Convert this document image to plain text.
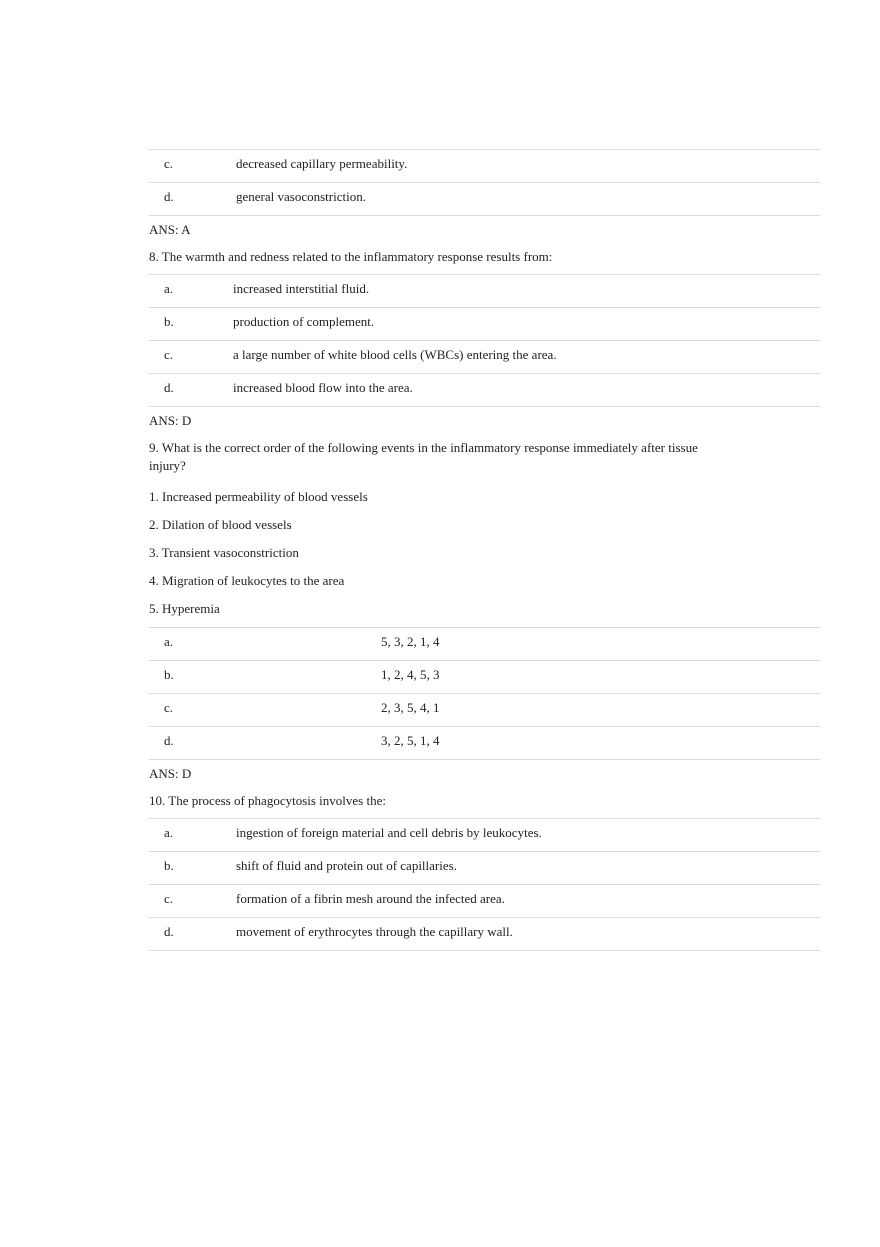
c.	decreased capillary permeability.
d.	general vasoconstriction.
ANS: A
8. The warmth and redness related to the inflammatory response results from:
a.	increased interstitial fluid.
b.	production of complement.
c.	a large number of white blood cells (WBCs) entering the area.
d.	increased blood flow into the area.
ANS: D
9. What is the correct order of the following events in the inflammatory response immediately after tissue injury?
1. Increased permeability of blood vessels
2. Dilation of blood vessels
3. Transient vasoconstriction
4. Migration of leukocytes to the area
5. Hyperemia
a.	5, 3, 2, 1, 4
b.	1, 2, 4, 5, 3
c.	2, 3, 5, 4, 1
d.	3, 2, 5, 1, 4
ANS: D
10. The process of phagocytosis involves the:
a.	ingestion of foreign material and cell debris by leukocytes.
b.	shift of fluid and protein out of capillaries.
c.	formation of a fibrin mesh around the infected area.
d.	movement of erythrocytes through the capillary wall.
